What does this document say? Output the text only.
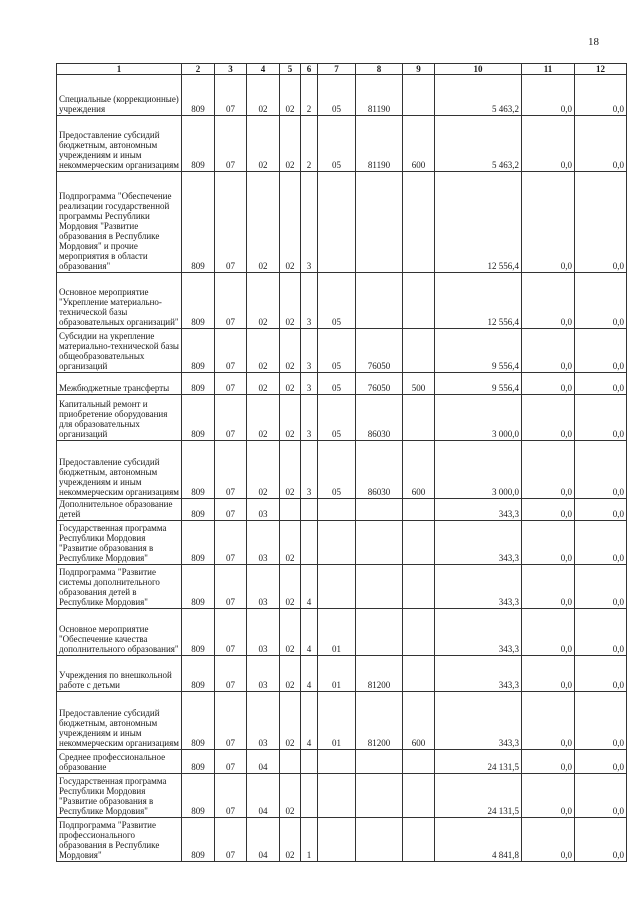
18
1	2	3	4	5	6	7	8	9	10	11	12
Специальные (коррекционные) учреждения	809	07	02	02	2	05	81190		5 463,2	0,0	0,0
Предоставление субсидий бюджетным, автономным учреждениям и иным некоммерческим организациям	809	07	02	02	2	05	81190	600	5 463,2	0,0	0,0
Подпрограмма "Обеспечение реализации государственной программы Республики Мордовия "Развитие образования в Республике Мордовия" и прочие мероприятия в области образования"	809	07	02	02	3				12 556,4	0,0	0,0
Основное мероприятие "Укрепление материально-технической базы образовательных организаций"	809	07	02	02	3	05			12 556,4	0,0	0,0
Субсидии на укрепление материально-технической базы общеобразовательных организаций	809	07	02	02	3	05	76050		9 556,4	0,0	0,0
Межбюджетные трансферты	809	07	02	02	3	05	76050	500	9 556,4	0,0	0,0
Капитальный ремонт и приобретение оборудования для образовательных организаций	809	07	02	02	3	05	86030		3 000,0	0,0	0,0
Предоставление субсидий бюджетным, автономным учреждениям и иным некоммерческим организациям	809	07	02	02	3	05	86030	600	3 000,0	0,0	0,0
Дополнительное образование детей	809	07	03						343,3	0,0	0,0
Государственная программа Республики Мордовия "Развитие образования в Республике Мордовия"	809	07	03	02					343,3	0,0	0,0
Подпрограмма "Развитие системы дополнительного образования детей в Республике Мордовия"	809	07	03	02	4				343,3	0,0	0,0
Основное мероприятие "Обеспечение качества дополнительного образования"	809	07	03	02	4	01			343,3	0,0	0,0
Учреждения по внешкольной работе с детьми	809	07	03	02	4	01	81200		343,3	0,0	0,0
Предоставление субсидий бюджетным, автономным учреждениям и иным некоммерческим организациям	809	07	03	02	4	01	81200	600	343,3	0,0	0,0
Среднее профессиональное образование	809	07	04						24 131,5	0,0	0,0
Государственная программа Республики Мордовия "Развитие образования в Республике Мордовия"	809	07	04	02					24 131,5	0,0	0,0
Подпрограмма "Развитие профессионального образования в Республике Мордовия"	809	07	04	02	1				4 841,8	0,0	0,0
